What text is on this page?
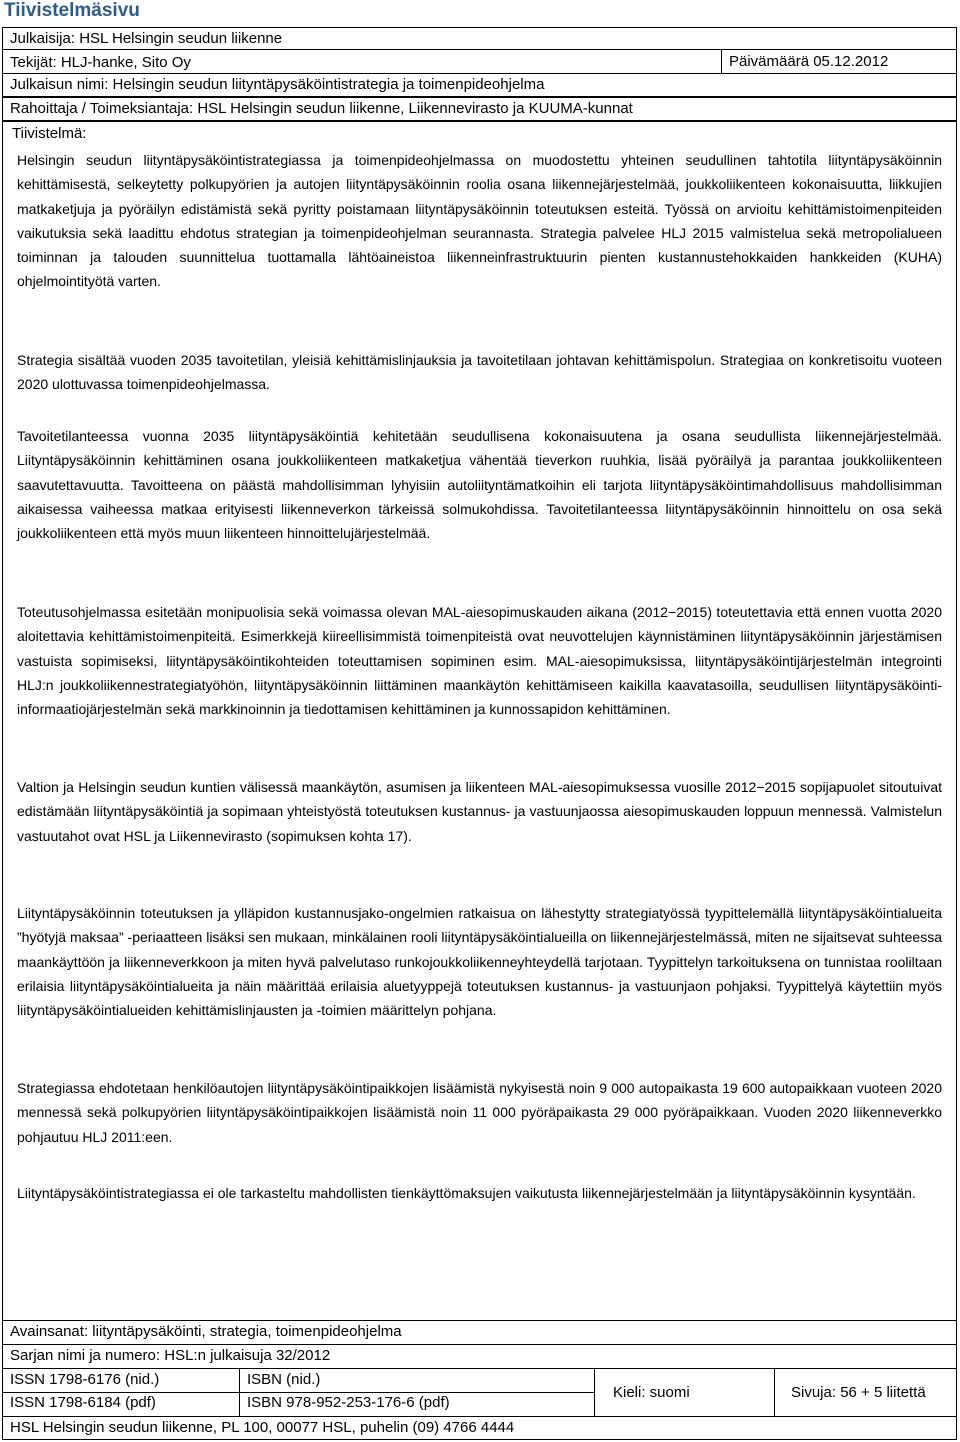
Tiivistelmäsivu
Julkaisija: HSL Helsingin seudun liikenne
Tekijät: HLJ-hanke, Sito Oy	Päivämäärä 05.12.2012
Julkaisun nimi: Helsingin seudun liityntäpysäköintistrategia ja toimenpideohjelma
Rahoittaja / Toimeksiantaja: HSL Helsingin seudun liikenne, Liikennevirasto ja KUUMA-kunnat
Tiivistelmä:

Helsingin seudun liityntäpysäköintistrategiassa ja toimenpideohjelmassa on muodostettu yhteinen seudullinen tahtotila liityntäpysäköinnin kehittämisestä, selkeytetty polkupyörien ja autojen liityntäpysäköinnin roolia osana liikennejärjestelmää, joukkoliikenteen kokonaisuutta, liikkujien matkaketjuja ja pyöräilyn edistämistä sekä pyritty poistamaan liityntäpysäköinnin toteutuksen esteitä. Työssä on arvioitu kehittämistoimenpiteiden vaikutuksia sekä laadittu ehdotus strategian ja toimenpideohjelman seurannasta. Strategia palvelee HLJ 2015 valmistelua sekä metropolialueen toiminnan ja talouden suunnittelua tuottamalla lähtöaineistoa liikenneinfrastruktuurin pienten kustannustehokkaiden hankkeiden (KUHA) ohjelmointityötä varten.

Strategia sisältää vuoden 2035 tavoitetilan, yleisiä kehittämislinjauksia ja tavoitetilaan johtavan kehittämispolun. Strategiaa on konkretisoitu vuoteen 2020 ulottuvassa toimenpideohjelmassa.

Tavoitetilanteessa vuonna 2035 liityntäpysäköintiä kehitetään seudullisena kokonaisuutena ja osana seudullista liikennejärjestelmää. Liityntäpysäköinnin kehittäminen osana joukkoliikenteen matkaketjua vähentää tieverkon ruuhkia, lisää pyöräilyä ja parantaa joukkoliikenteen saavutettavuutta. Tavoitteena on päästä mahdollisimman lyhyisiin autoliityntämatkoihin eli tarjota liityntäpysäköintimahdollisuus mahdollisimman aikaisessa vaiheessa matkaa erityisesti liikenneverkon tärkeissä solmukohdissa. Tavoitetilanteessa liityntäpysäköinnin hinnoittelu on osa sekä joukkoliikenteen että myös muun liikenteen hinnoittelujärjestelmää.

Toteutusohjelmassa esitetään monipuolisia sekä voimassa olevan MAL-aiesopimuskauden aikana (2012−2015) toteutettavia että ennen vuotta 2020 aloitettavia kehittämistoimenpiteitä. Esimerkkejä kiireellisimmistä toimenpiteistä ovat neuvottelujen käynnistäminen liityntäpysäköinnin järjestämisen vastuista sopimiseksi, liityntäpysäköintikohteiden toteuttamisen sopiminen esim. MAL-aiesopimuksissa, liityntäpysäköintijärjestelmän integrointi HLJ:n joukkoliikennestrategiatyöhön, liityntäpysäköinnin liittäminen maankäytön kehittämiseen kaikilla kaavatasoilla, seudullisen liityntäpysäköinti-informaatiojärjestelmän sekä markkinoinnin ja tiedottamisen kehittäminen ja kunnossapidon kehittäminen.

Valtion ja Helsingin seudun kuntien välisessä maankäytön, asumisen ja liikenteen MAL-aiesopimuksessa vuosille 2012−2015 sopijapuolet sitoutuivat edistämään liityntäpysäköintiä ja sopimaan yhteistyöstä toteutuksen kustannus- ja vastuunjaossa aiesopimuskauden loppuun mennessä. Valmistelun vastuutahot ovat HSL ja Liikennevirasto (sopimuksen kohta 17).

Liityntäpysäköinnin toteutuksen ja ylläpidon kustannusjako-ongelmien ratkaisua on lähestytty strategiatyössä tyypittelemällä liityntäpysäköintialueita ”hyötyjä maksaa” -periaatteen lisäksi sen mukaan, minkälainen rooli liityntäpysäköintialueilla on liikennejärjestelmässä, miten ne sijaitsevat suhteessa maankäyttöön ja liikenneverkkoon ja miten hyvä palvelutaso runkojoukkoliikenneyhteydellä tarjotaan. Tyypittelyn tarkoituksena on tunnistaa rooliltaan erilaisia liityntäpysäköintialueita ja näin määrittää erilaisia aluetyyppejä toteutuksen kustannus- ja vastuunjaon pohjaksi. Tyypittelyä käytettiin myös liityntäpysäköintialueiden kehittämislinjausten ja -toimien määrittelyn pohjana.

Strategiassa ehdotetaan henkilöautojen liityntäpysäköintipaikkojen lisäämistä nykyisestä noin 9 000 autopaikasta 19 600 autopaikkaan vuoteen 2020 mennessä sekä polkupyörien liityntäpysäköintipaikkojen lisäämistä noin 11 000 pyöräpaikasta 29 000 pyöräpaikkaan. Vuoden 2020 liikenneverkko pohjautuu HLJ 2011:een.

Liityntäpysäköintistrategiassa ei ole tarkasteltu mahdollisten tienkäyttömaksujen vaikutusta liikennejärjestelmään ja liityntäpysäköinnin kysyntään.

Avainsanat: liityntäpysäköinti, strategia, toimenpideohjelma
Sarjan nimi ja numero: HSL:n julkaisuja 32/2012
ISSN 1798-6176 (nid.)	ISBN (nid.)
ISSN 1798-6184 (pdf)	ISBN 978-952-253-176-6 (pdf)
Kieli: suomi	Sivuja: 56 + 5 liitettä
HSL Helsingin seudun liikenne, PL 100, 00077 HSL, puhelin (09) 4766 4444
